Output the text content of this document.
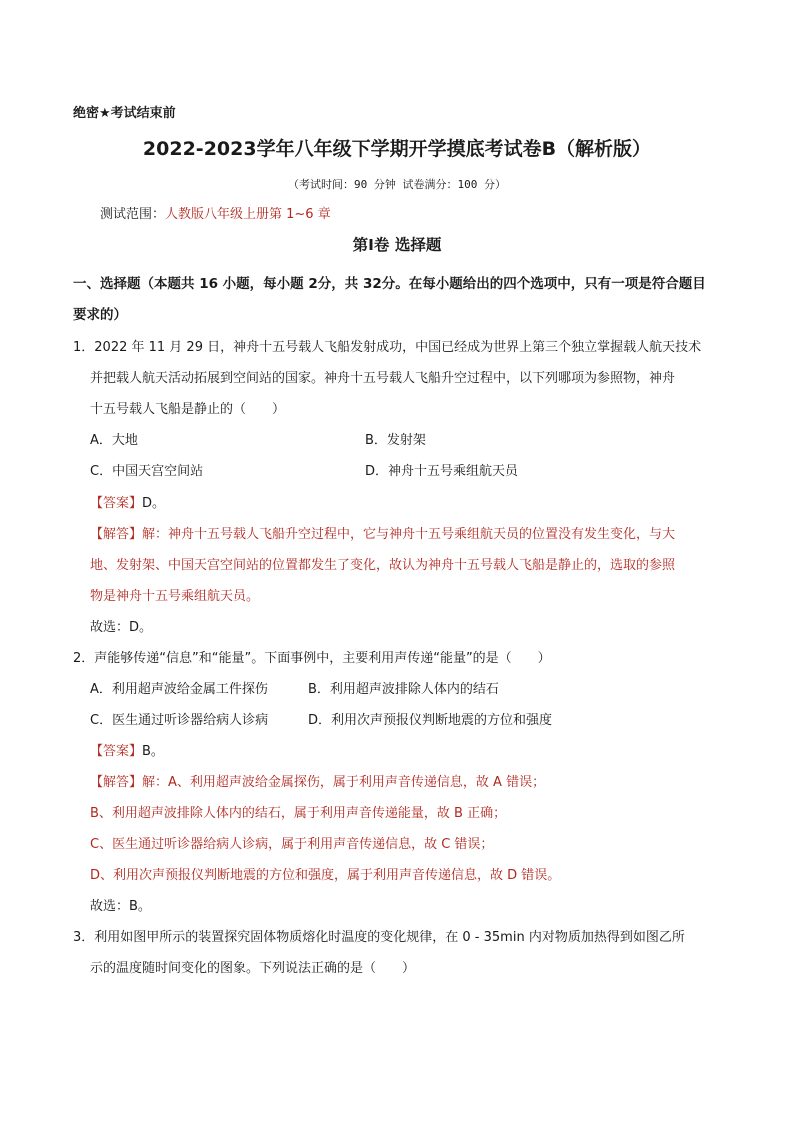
绝密★考试结束前
2022-2023学年八年级下学期开学摸底考试卷B（解析版）
（考试时间：90 分钟 试卷满分：100 分）
测试范围：人教版八年级上册第 1~6 章
第Ⅰ卷 选择题
一、选择题（本题共 16 小题，每小题 2分，共 32分。在每小题给出的四个选项中，只有一项是符合题目
要求的）
1．2022 年 11 月 29 日，神舟十五号载人飞船发射成功，中国已经成为世界上第三个独立掌握载人航天技术
并把载人航天活动拓展到空间站的国家。神舟十五号载人飞船升空过程中，以下列哪项为参照物，神舟
十五号载人飞船是静止的（　　）
A．大地	B．发射架
C．中国天宫空间站	D．神舟十五号乘组航天员
【答案】D。
【解答】解：神舟十五号载人飞船升空过程中，它与神舟十五号乘组航天员的位置没有发生变化，与大
地、发射架、中国天宫空间站的位置都发生了变化，故认为神舟十五号载人飞船是静止的，选取的参照
物是神舟十五号乘组航天员。
故选：D。
2．声能够传递“信息”和“能量”。下面事例中，主要利用声传递“能量”的是（　　）
A．利用超声波给金属工件探伤	B．利用超声波排除人体内的结石
C．医生通过听诊器给病人诊病	D．利用次声预报仪判断地震的方位和强度
【答案】B。
【解答】解：A、利用超声波给金属探伤，属于利用声音传递信息，故 A 错误；
B、利用超声波排除人体内的结石，属于利用声音传递能量，故 B 正确；
C、医生通过听诊器给病人诊病，属于利用声音传递信息，故 C 错误；
D、利用次声预报仪判断地震的方位和强度，属于利用声音传递信息，故 D 错误。
故选：B。
3．利用如图甲所示的装置探究固体物质熔化时温度的变化规律，在 0 - 35min 内对物质加热得到如图乙所
示的温度随时间变化的图象。下列说法正确的是（　　）
